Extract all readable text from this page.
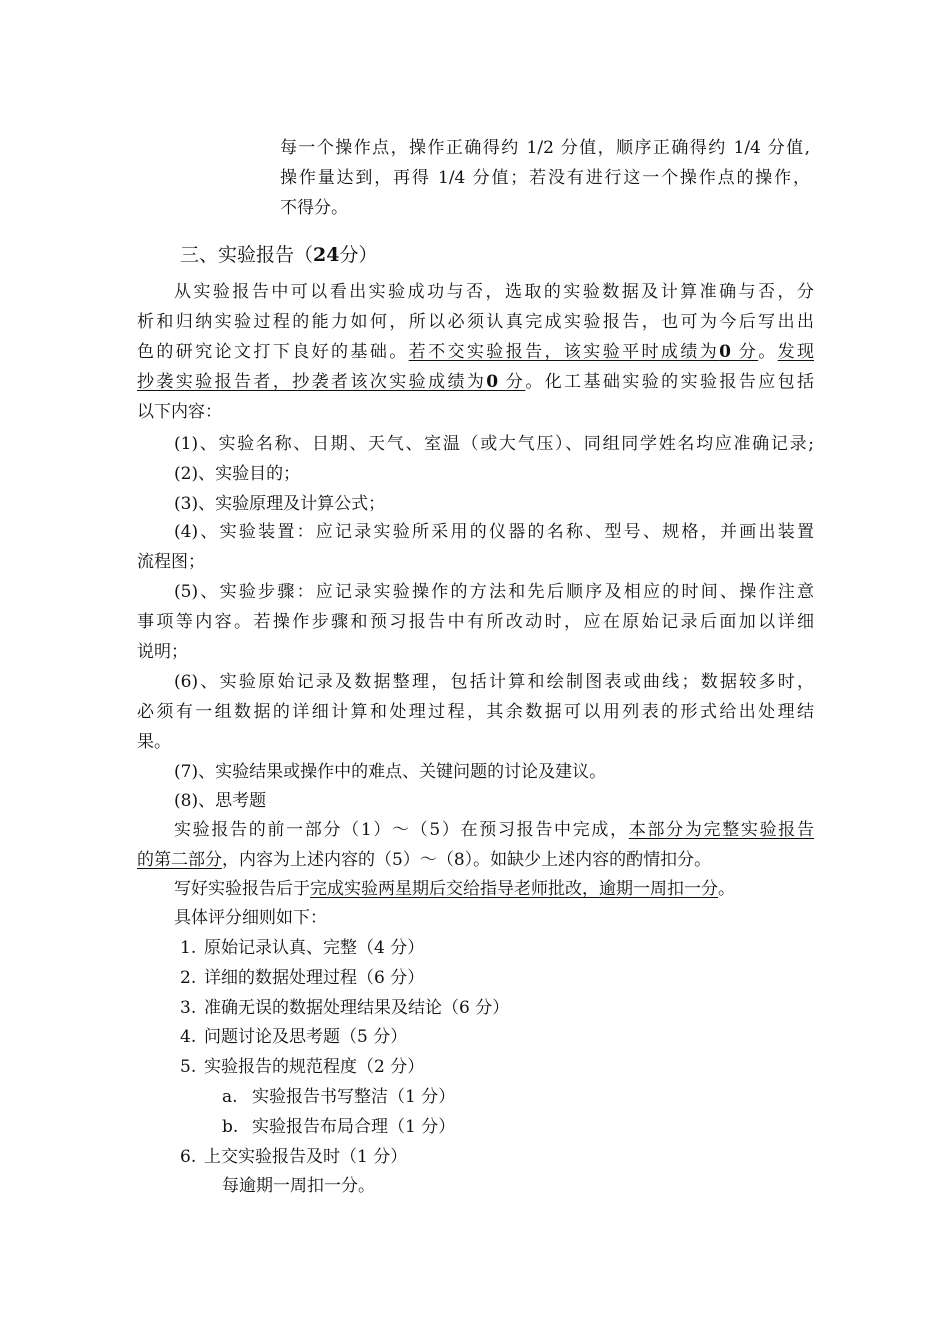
每一个操作点，操作正确得约 1/2 分值，顺序正确得约 1/4 分值,
操作量达到，再得 1/4 分值；若没有进行这一个操作点的操作，
不得分。
三、实验报告（24分）
从实验报告中可以看出实验成功与否，选取的实验数据及计算准确与否，分
析和归纳实验过程的能力如何，所以必须认真完成实验报告，也可为今后写出出
色的研究论文打下良好的基础。若不交实验报告，该实验平时成绩为0 分。发现
抄袭实验报告者，抄袭者该次实验成绩为0 分。化工基础实验的实验报告应包括
以下内容：
(1)、实验名称、日期、天气、室温（或大气压）、同组同学姓名均应准确记录;
(2)、实验目的；
(3)、实验原理及计算公式；
(4)、实验装置：应记录实验所采用的仪器的名称、型号、规格，并画出装置
流程图；
(5)、实验步骤：应记录实验操作的方法和先后顺序及相应的时间、操作注意
事项等内容。若操作步骤和预习报告中有所改动时，应在原始记录后面加以详细
说明；
(6)、实验原始记录及数据整理，包括计算和绘制图表或曲线；数据较多时，
必须有一组数据的详细计算和处理过程，其余数据可以用列表的形式给出处理结
果。
(7)、实验结果或操作中的难点、关键问题的讨论及建议。
(8)、思考题
实验报告的前一部分（1）～（5）在预习报告中完成，本部分为完整实验报告
的第二部分，内容为上述内容的（5）～（8）。如缺少上述内容的酌情扣分。
写好实验报告后于完成实验两星期后交给指导老师批改，逾期一周扣一分。
具体评分细则如下：
1. 原始记录认真、完整（4 分）
2. 详细的数据处理过程（6 分）
3. 准确无误的数据处理结果及结论（6 分）
4. 问题讨论及思考题（5 分）
5. 实验报告的规范程度（2 分）
a. 实验报告书写整洁（1 分）
b. 实验报告布局合理（1 分）
6. 上交实验报告及时（1 分）
每逾期一周扣一分。
